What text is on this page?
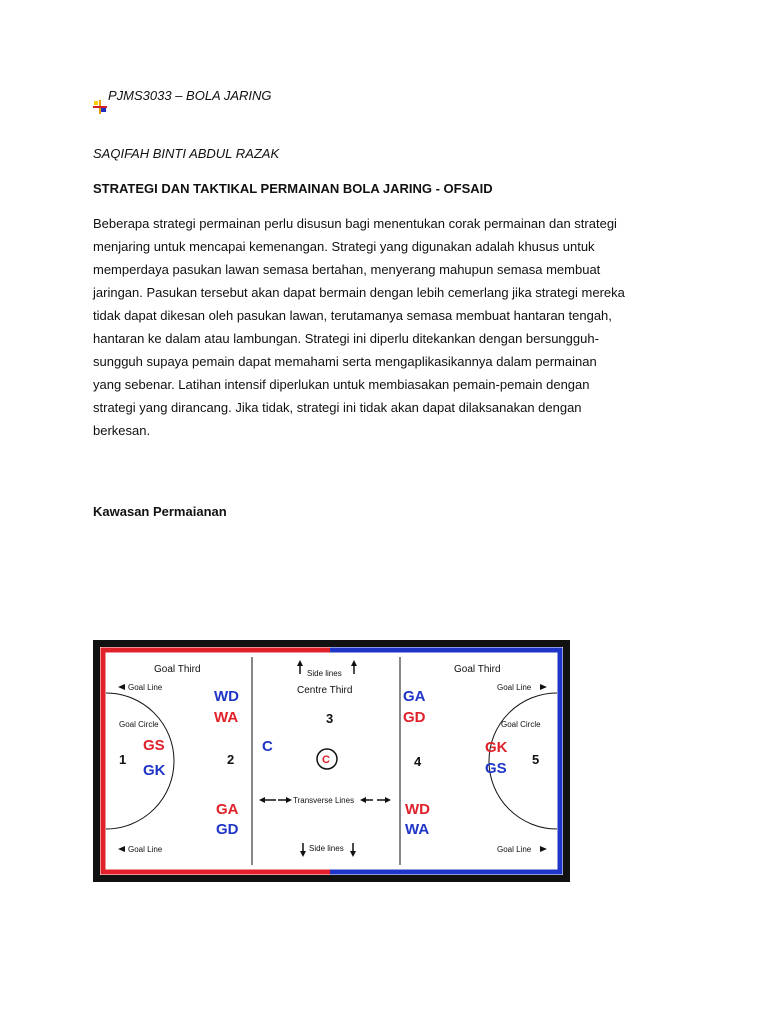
PJMS3033 – BOLA JARING
SAQIFAH BINTI ABDUL RAZAK
STRATEGI DAN TAKTIKAL PERMAINAN BOLA JARING - OFSAID
Beberapa strategi permainan perlu disusun bagi menentukan corak permainan dan strategi
menjaring untuk mencapai kemenangan. Strategi yang digunakan adalah khusus untuk
memperdaya pasukan lawan semasa bertahan, menyerang mahupun semasa membuat
jaringan. Pasukan tersebut akan dapat bermain dengan lebih cemerlang jika strategi mereka
tidak dapat dikesan oleh pasukan lawan, terutamanya semasa membuat hantaran tengah,
hantaran ke dalam atau lambungan. Strategi ini diperlu ditekankan dengan bersungguh-
sungguh supaya pemain dapat memahami serta mengaplikasikannya dalam permainan
yang sebenar. Latihan intensif diperlukan untuk membiasakan pemain-pemain dengan
strategi yang dirancang. Jika tidak, strategi ini tidak akan dapat dilaksanakan dengan
berkesan.
Kawasan Permaianan
Goal Third	Goal Third
Side lines
Centre Third
Goal Line	Goal Line
Goal Circle	Goal Circle
Transverse Lines
Goal Line	Goal Line
Side lines
1	2
3
4	5
GS
GK
WD
WA
GA
GD
C
C
GA
GD
WD
WA
GK
GS
